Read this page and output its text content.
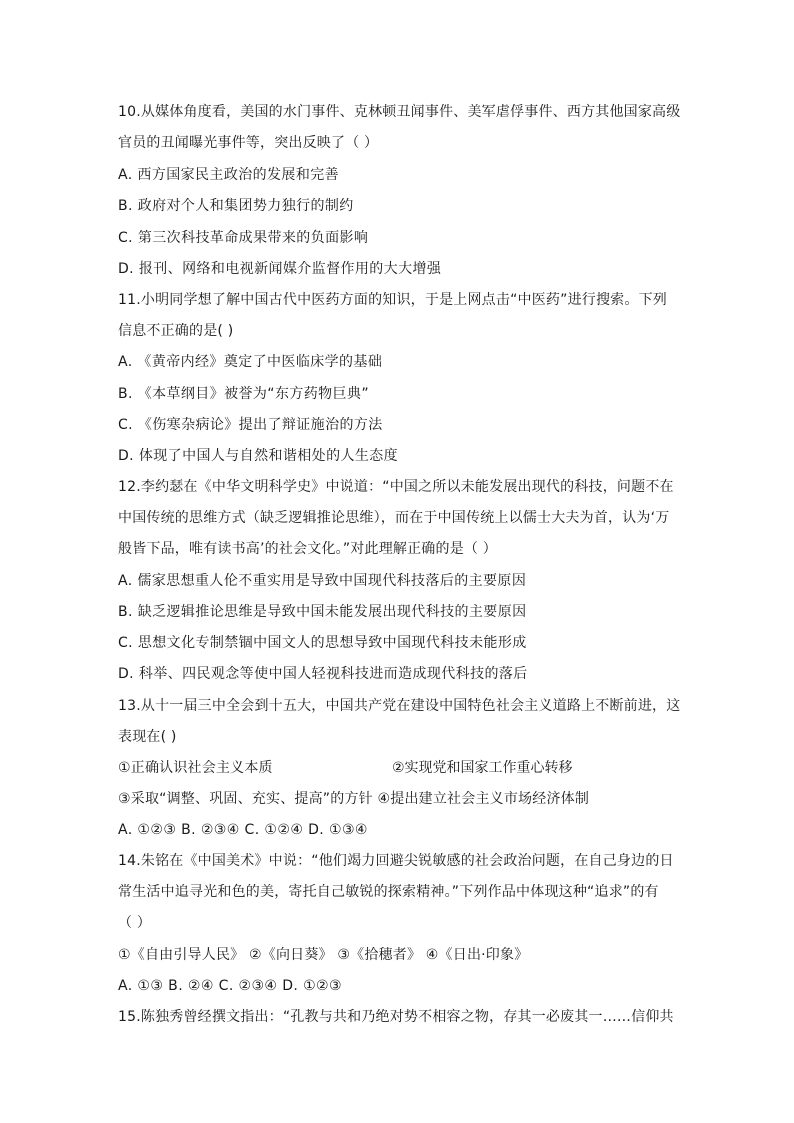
10.从媒体角度看，美国的水门事件、克林顿丑闻事件、美军虐俘事件、西方其他国家高级
官员的丑闻曝光事件等，突出反映了（ ）
A. 西方国家民主政治的发展和完善
B. 政府对个人和集团势力独行的制约
C. 第三次科技革命成果带来的负面影响
D. 报刊、网络和电视新闻媒介监督作用的大大增强
11.小明同学想了解中国古代中医药方面的知识，于是上网点击“中医药”进行搜索。下列
信息不正确的是( )
A. 《黄帝内经》奠定了中医临床学的基础
B. 《本草纲目》被誉为“东方药物巨典”
C. 《伤寒杂病论》提出了辩证施治的方法
D. 体现了中国人与自然和谐相处的人生态度
12.李约瑟在《中华文明科学史》中说道：“中国之所以未能发展出现代的科技，问题不在
中国传统的思维方式（缺乏逻辑推论思维），而在于中国传统上以儒士大夫为首，认为‘万
般皆下品，唯有读书高’的社会文化。”对此理解正确的是（ ）
A. 儒家思想重人伦不重实用是导致中国现代科技落后的主要原因
B. 缺乏逻辑推论思维是导致中国未能发展出现代科技的主要原因
C. 思想文化专制禁锢中国文人的思想导致中国现代科技未能形成
D. 科举、四民观念等使中国人轻视科技进而造成现代科技的落后
13.从十一届三中全会到十五大，中国共产党在建设中国特色社会主义道路上不断前进，这
表现在( )
①正确认识社会主义本质	②实现党和国家工作重心转移
③采取“调整、巩固、充实、提高”的方针 ④提出建立社会主义市场经济体制
A. ①②③ B. ②③④ C. ①②④ D. ①③④
14.朱铭在《中国美术》中说：“他们竭力回避尖锐敏感的社会政治问题，在自己身边的日
常生活中追寻光和色的美，寄托自己敏锐的探索精神。”下列作品中体现这种“追求”的有
（ ）
①《自由引导人民》 ②《向日葵》 ③《拾穗者》 ④《日出·印象》
A. ①③ B. ②④ C. ②③④ D. ①②③
15.陈独秀曾经撰文指出：“孔教与共和乃绝对势不相容之物，存其一必废其一……信仰共
